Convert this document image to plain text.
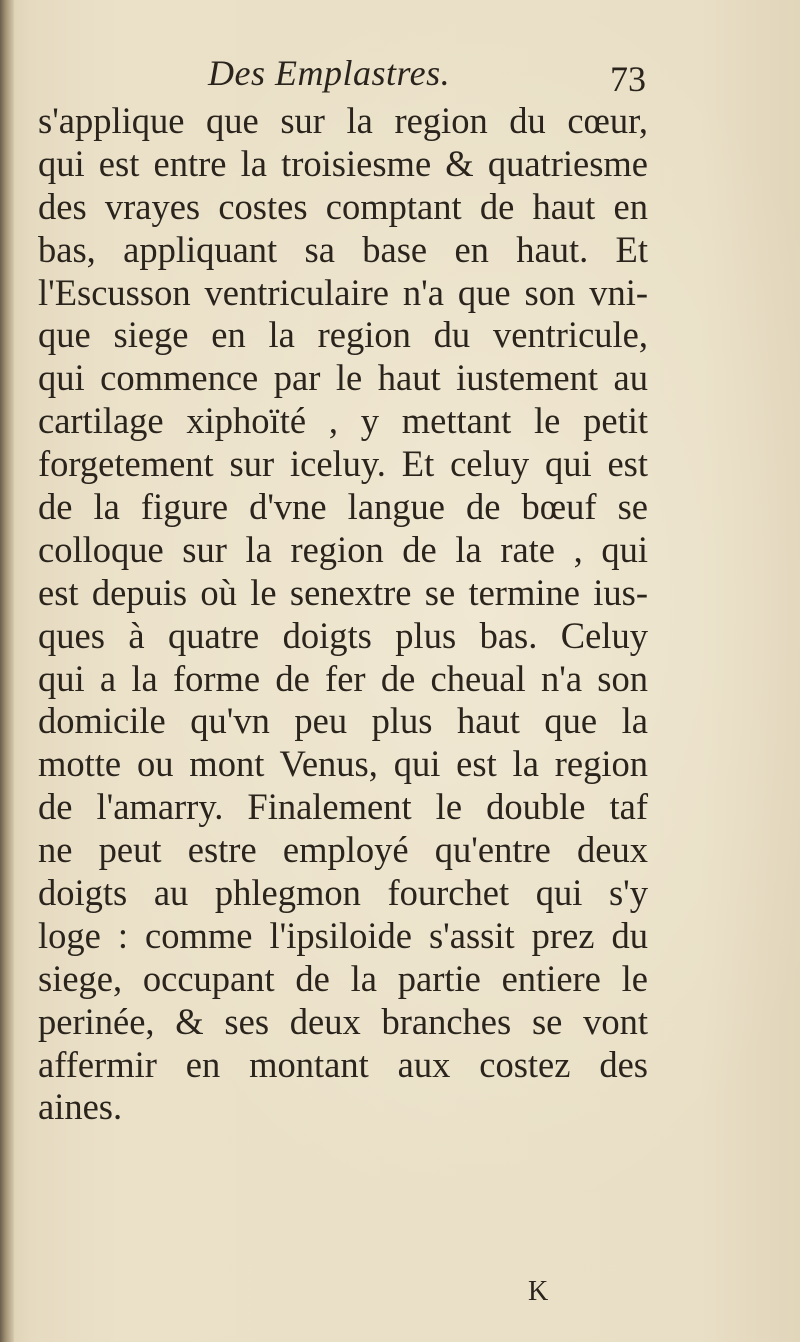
Des Emplastres.	73
s'applique que sur la region du cœur,
qui est entre la troisiesme & quatriesme
des vrayes costes comptant de haut en
bas, appliquant sa base en haut. Et
l'Escusson ventriculaire n'a que son vni-
que siege en la region du ventricule,
qui commence par le haut iustement au
cartilage xiphoïté , y mettant le petit
forgetement sur iceluy. Et celuy qui est
de la figure d'vne langue de bœuf se
colloque sur la region de la rate , qui
est depuis où le senextre se termine ius-
ques à quatre doigts plus bas. Celuy
qui a la forme de fer de cheual n'a son
domicile qu'vn peu plus haut que la
motte ou mont Venus, qui est la region
de l'amarry. Finalement le double taf
ne peut estre employé qu'entre deux
doigts au phlegmon fourchet qui s'y
loge : comme l'ipsiloide s'assit prez du
siege, occupant de la partie entiere le
perinée, & ses deux branches se vont
affermir en montant aux costez des
aines.
K
